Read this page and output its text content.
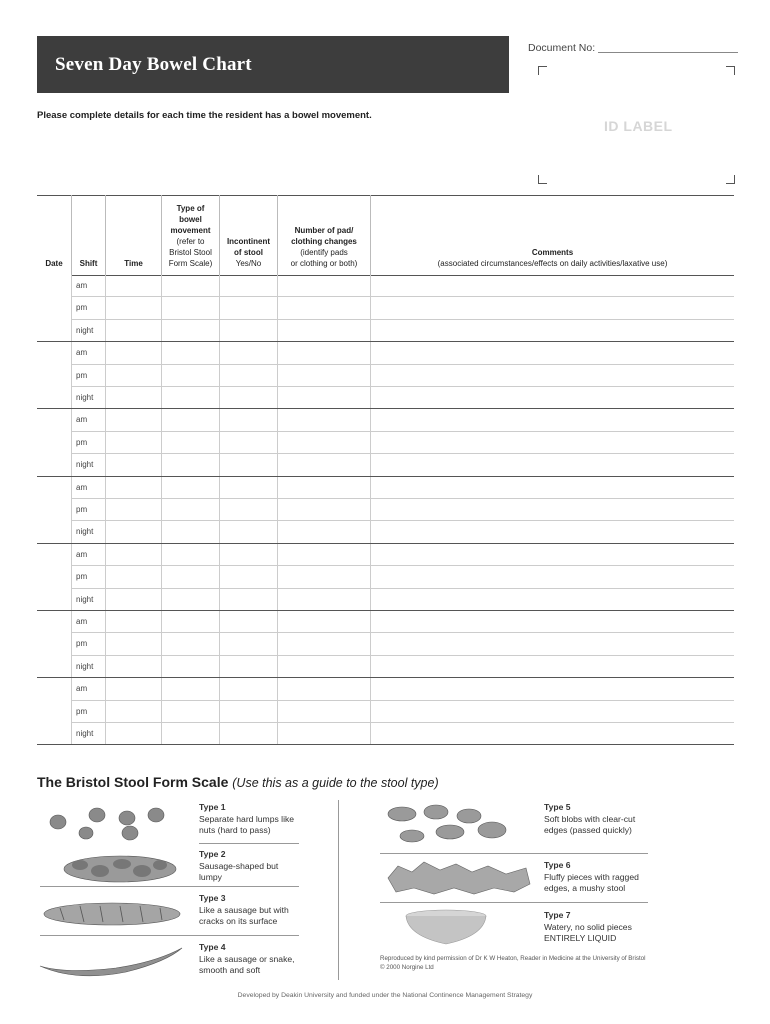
Seven Day Bowel Chart
Document No:
ID LABEL
Please complete details for each time the resident has a bowel movement.
Date Shift	Time
Type of
bowel
movement
(refer to
Bristol Stool
Form Scale)
Incontinent
of stool
Yes/No
Number of pad/
clothing changes
(identify pads
or clothing or both)
Comments
(associated circumstances/effects on daily activities/laxative use)
am
pm
night
am
pm
night
am
pm
night
am
pm
night
am
pm
night
am
pm
night
am
pm
night
The Bristol Stool Form Scale (Use this as a guide to the stool type)
Type 1
Separate hard lumps like
nuts (hard to pass)
Type 2
Sausage-shaped but
lumpy
Type 3
Like a sausage but with
cracks on its surface
Type 4
Like a sausage or snake,
smooth and soft
Type 5
Soft blobs with clear-cut
edges (passed quickly)
Type 6
Fluffy pieces with ragged
edges, a mushy stool
Type 7
Watery, no solid pieces
ENTIRELY LIQUID
Reproduced by kind permission of Dr K W Heaton, Reader in Medicine at the University of Bristol
© 2000 Norgine Ltd
Developed by Deakin University and funded under the National Continence Management Strategy
